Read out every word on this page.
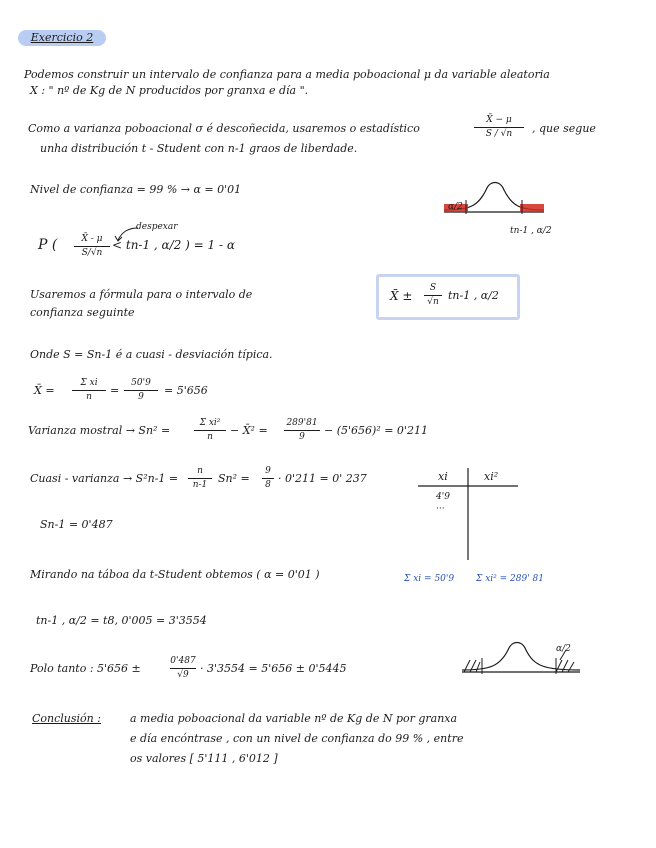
Exercicio 2
Podemos construir un intervalo de confianza para a media poboacional μ da variable aleatoria
X : " nº de Kg de N producidos por granxa e día ".
Como a varianza poboacional σ é descoñecida, usaremos o estadístico
X̄ − μ
S / √n	, que segue
unha distribución t - Student con n-1 graos de liberdade.
Nivel de confianza = 99 % → α = 0'01
α/2
tn-1 , α/2
despexar
P (	X̄ - μ
S/√n
< tn-1 , α/2 ) = 1 - α
Usaremos a fórmula para o intervalo de
confianza seguinte
X̄ ±
S
√n tn-1 , α/2
Onde S = Sn-1 é a cuasi - desviación típica.
X̄ =
Σ xi
n	=
50'9
9	= 5'656
Varianza mostral → Sn² =
Σ xi²
n	− X̄² =
289'81
9	− (5'656)² = 0'211
Cuasi - varianza → S²n-1 =
n
n-1 Sn² =
9
8 · 0'211 = 0' 237
Sn-1 = 0'487
xi	xi²
4'9
···
Mirando na táboa da t-Student obtemos ( α = 0'01 )	Σ xi = 50'9 Σ xi² = 289' 81
tn-1 , α/2 = t8, 0'005 = 3'3554
Polo tanto : 5'656 ±
0'487
√9	· 3'3554 = 5'656 ± 0'5445
α/2
Conclusión :	a media poboacional da variable nº de Kg de N por granxa
e día encóntrase , con un nivel de confianza do 99 % , entre
os valores [ 5'111 , 6'012 ]
